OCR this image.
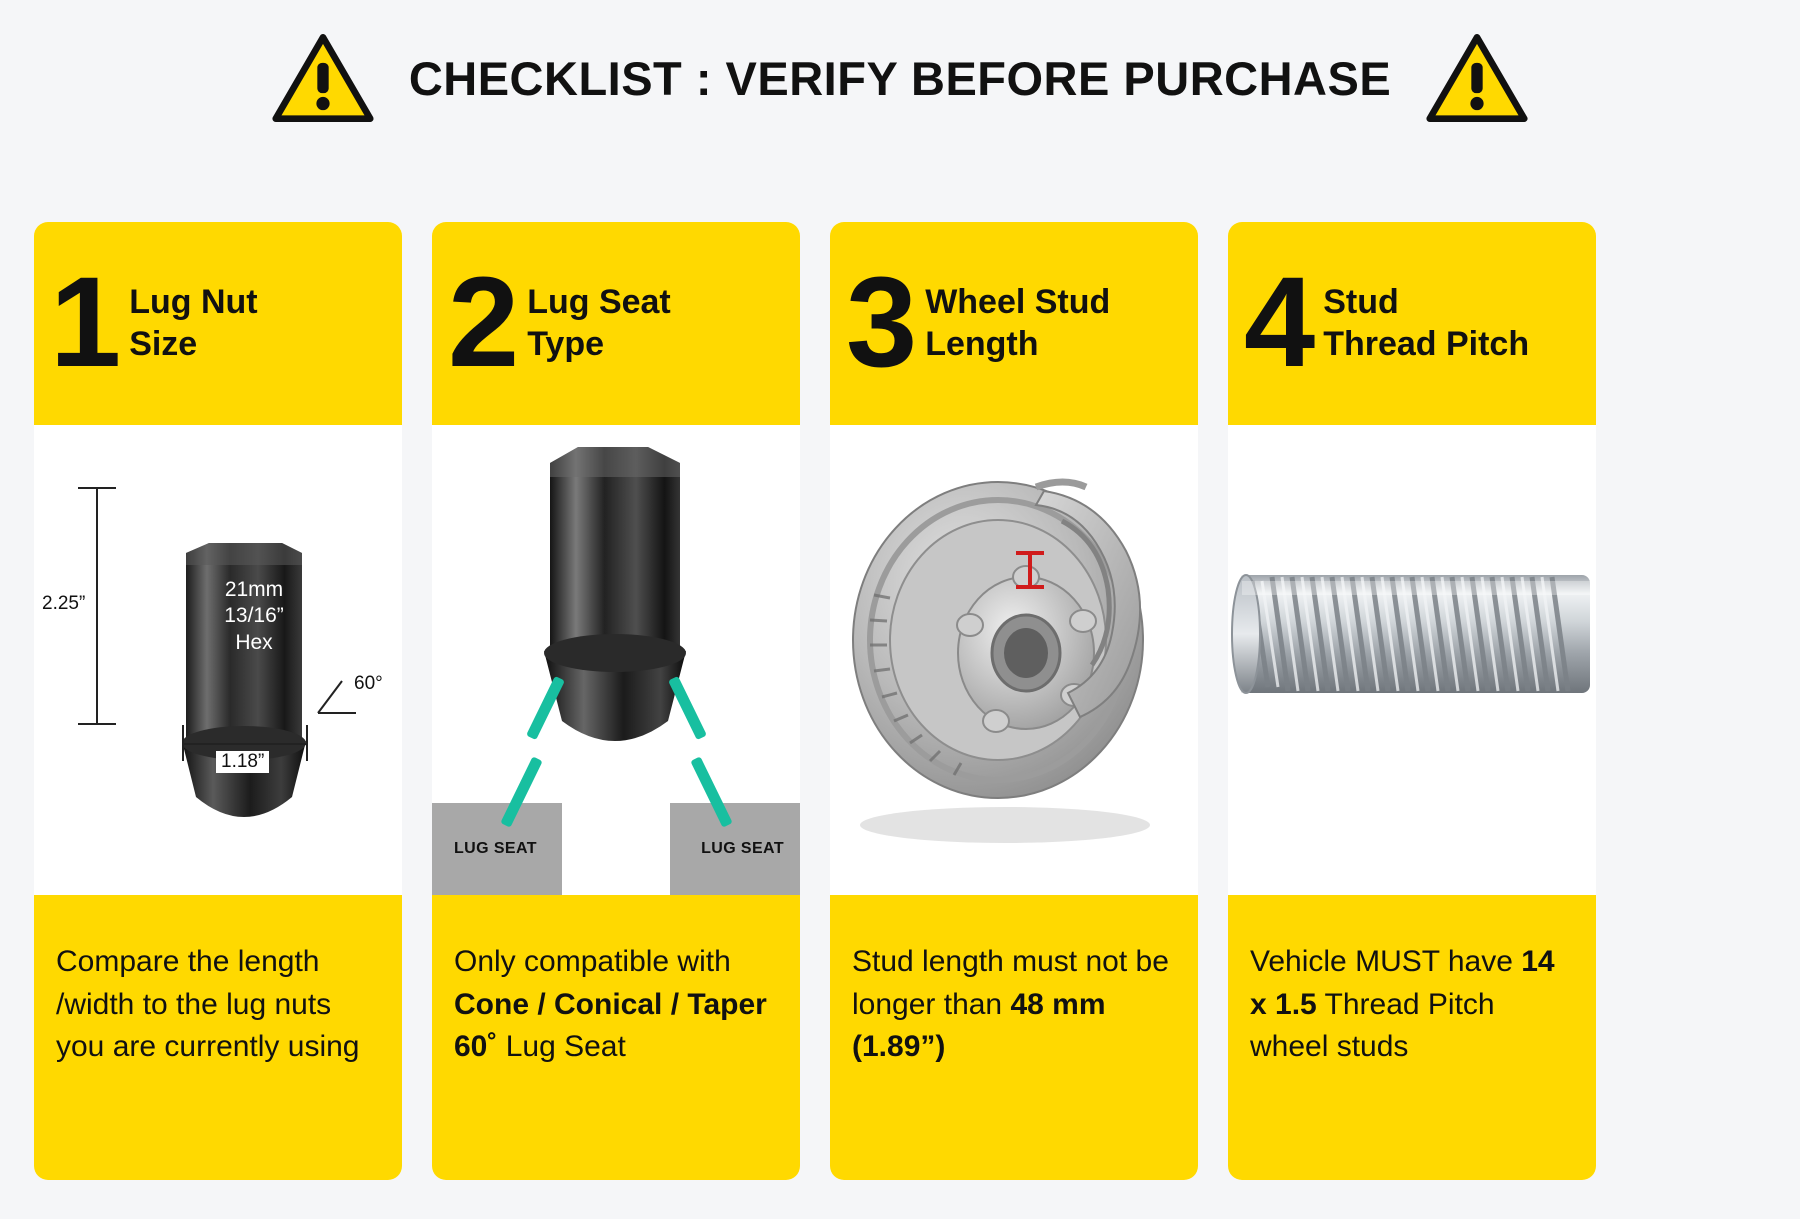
CHECKLIST : VERIFY BEFORE PURCHASE
1 Lug Nut
Size
21mm
13/16”
Hex
2.25”
1.18”
60°
Compare the length /width to the lug nuts you are currently using
2 Lug Seat
Type
LUG SEAT	LUG SEAT
Only compatible with Cone / Conical / Taper 60˚ Lug Seat
3 Wheel Stud
Length
Stud length must not be longer than 48 mm (1.89”)
4 Stud
Thread Pitch
Vehicle MUST have 14 x 1.5 Thread Pitch wheel studs
